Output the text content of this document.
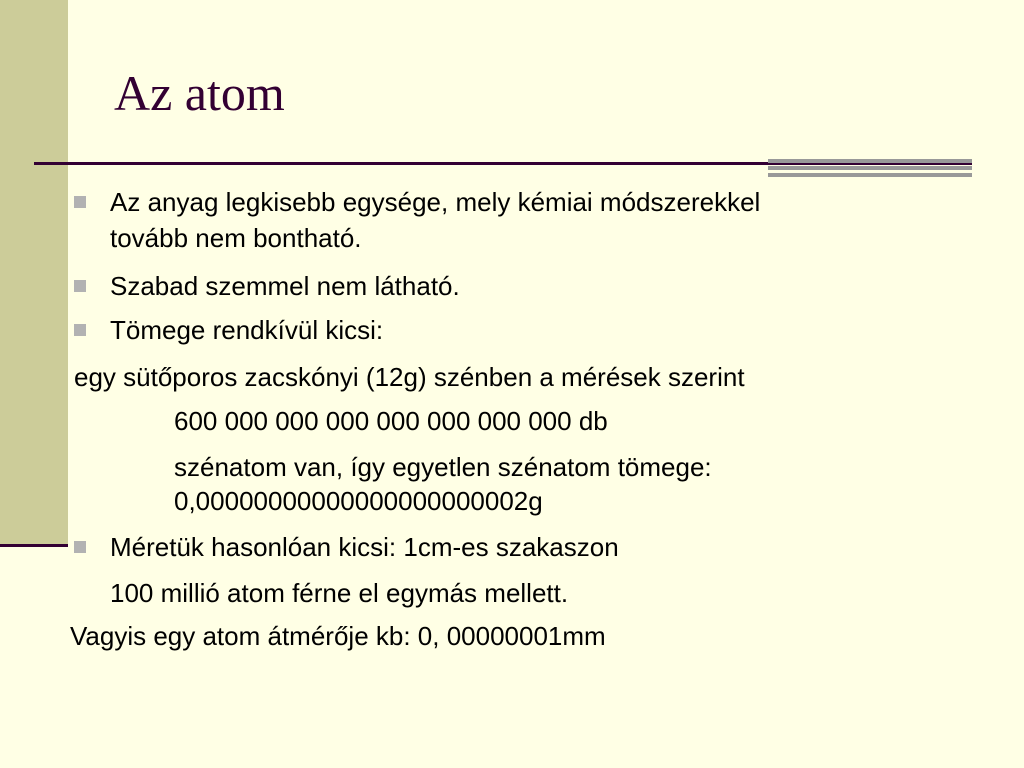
Az atom

Az anyag legkisebb egysége, mely kémiai módszerekkel

tovább nem bontható.

Szabad szemmel nem látható.

Tömege rendkívül kicsi:

egy sütőporos zacskónyi (12g) szénben a mérések szerint

600 000 000 000 000 000 000 000 db

szénatom van, így egyetlen szénatom tömege:

0,00000000000000000000002g

Méretük hasonlóan kicsi: 1cm-es szakaszon

100 millió atom férne el egymás mellett.

Vagyis egy atom átmérője kb: 0, 00000001mm
